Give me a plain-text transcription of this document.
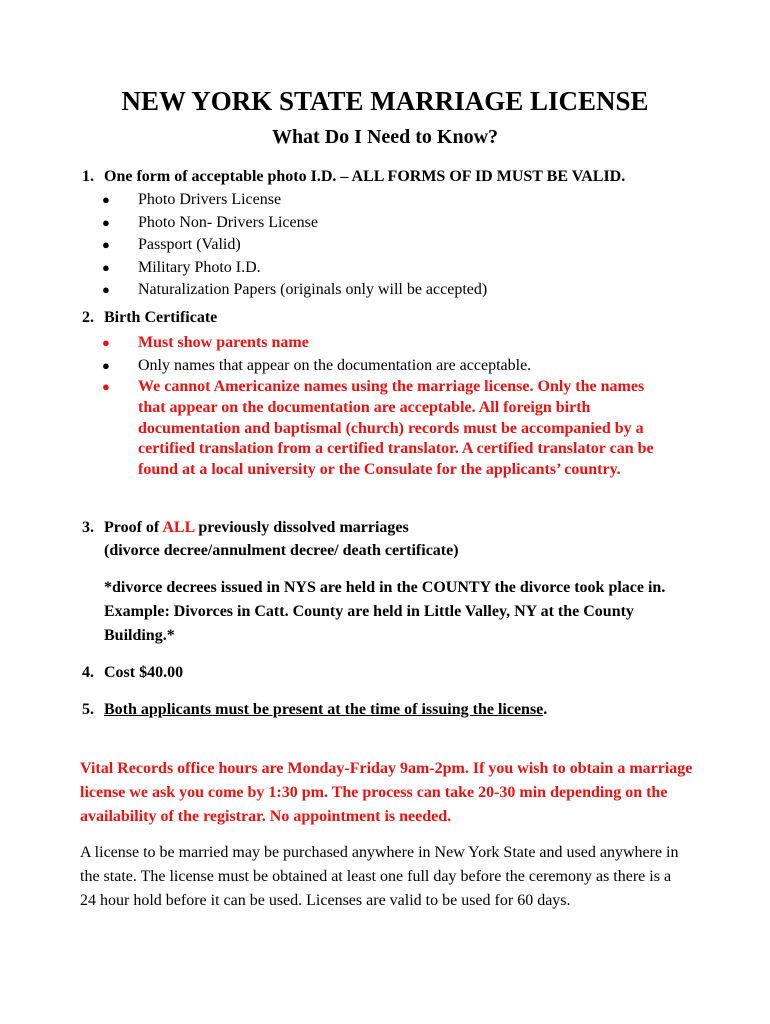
NEW YORK STATE MARRIAGE LICENSE
What Do I Need to Know?
1. One form of acceptable photo I.D. – ALL FORMS OF ID MUST BE VALID.
● Photo Drivers License
● Photo Non- Drivers License
● Passport (Valid)
● Military Photo I.D.
● Naturalization Papers (originals only will be accepted)
2. Birth Certificate
● Must show parents name
● Only names that appear on the documentation are acceptable.
● We cannot Americanize names using the marriage license. Only the names that appear on the documentation are acceptable. All foreign birth documentation and baptismal (church) records must be accompanied by a certified translation from a certified translator. A certified translator can be found at a local university or the Consulate for the applicants’ country.
3. Proof of ALL previously dissolved marriages
(divorce decree/annulment decree/ death certificate)
*divorce decrees issued in NYS are held in the COUNTY the divorce took place in. Example: Divorces in Catt. County are held in Little Valley, NY at the County Building.*
4. Cost $40.00
5. Both applicants must be present at the time of issuing the license.
Vital Records office hours are Monday-Friday 9am-2pm. If you wish to obtain a marriage license we ask you come by 1:30 pm. The process can take 20-30 min depending on the availability of the registrar. No appointment is needed.
A license to be married may be purchased anywhere in New York State and used anywhere in the state. The license must be obtained at least one full day before the ceremony as there is a 24 hour hold before it can be used. Licenses are valid to be used for 60 days.
